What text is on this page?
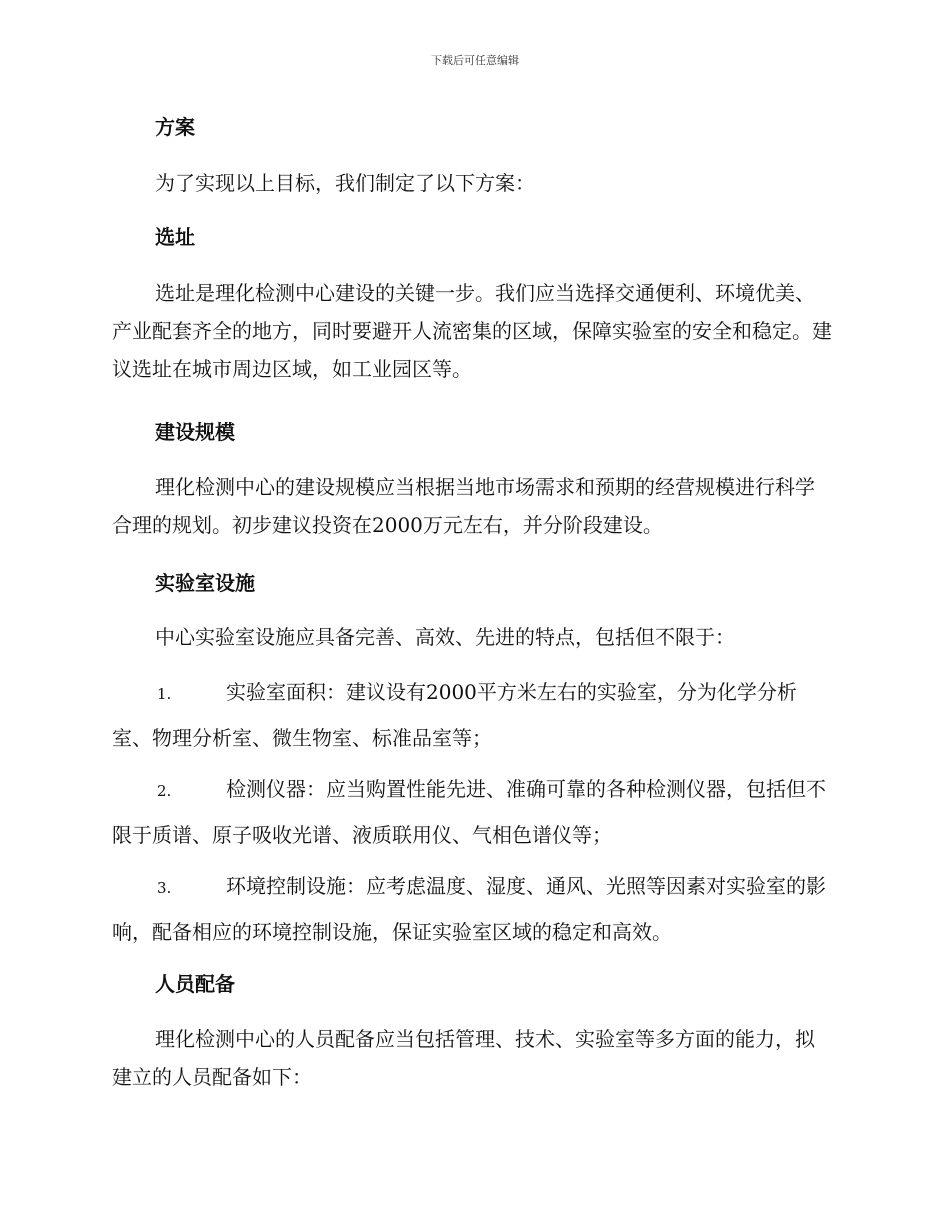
下载后可任意编辑
方案

为了实现以上目标，我们制定了以下方案：

选址

选址是理化检测中心建设的关键一步。我们应当选择交通便利、环境优美、产业配套齐全的地方，同时要避开人流密集的区域，保障实验室的安全和稳定。建议选址在城市周边区域，如工业园区等。

建设规模

理化检测中心的建设规模应当根据当地市场需求和预期的经营规模进行科学合理的规划。初步建议投资在2000万元左右，并分阶段建设。

实验室设施

中心实验室设施应具备完善、高效、先进的特点，包括但不限于：

1.	实验室面积：建议设有2000平方米左右的实验室，分为化学分析室、物理分析室、微生物室、标准品室等；

2.	检测仪器：应当购置性能先进、准确可靠的各种检测仪器，包括但不限于质谱、原子吸收光谱、液质联用仪、气相色谱仪等；

3.	环境控制设施：应考虑温度、湿度、通风、光照等因素对实验室的影响，配备相应的环境控制设施，保证实验室区域的稳定和高效。

人员配备

理化检测中心的人员配备应当包括管理、技术、实验室等多方面的能力，拟建立的人员配备如下：
